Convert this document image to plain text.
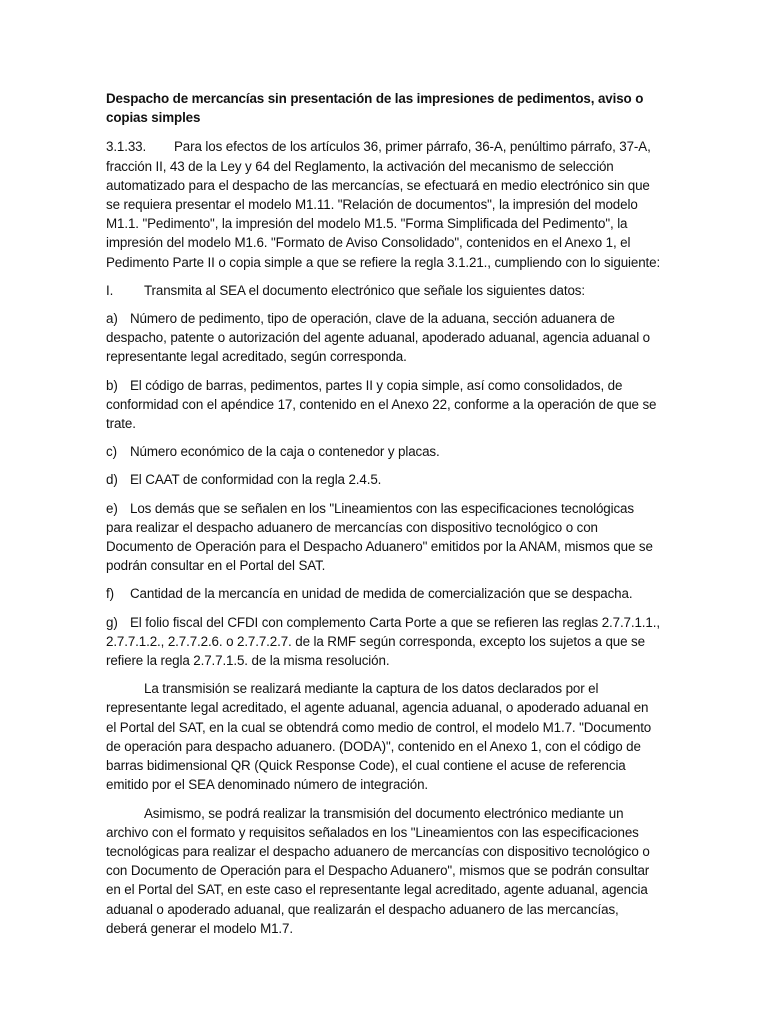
Despacho de mercancías sin presentación de las impresiones de pedimentos, aviso o copias simples

3.1.33. Para los efectos de los artículos 36, primer párrafo, 36-A, penúltimo párrafo, 37-A, fracción II, 43 de la Ley y 64 del Reglamento, la activación del mecanismo de selección automatizado para el despacho de las mercancías, se efectuará en medio electrónico sin que se requiera presentar el modelo M1.11. "Relación de documentos", la impresión del modelo M1.1. "Pedimento", la impresión del modelo M1.5. "Forma Simplificada del Pedimento", la impresión del modelo M1.6. "Formato de Aviso Consolidado", contenidos en el Anexo 1, el Pedimento Parte II o copia simple a que se refiere la regla 3.1.21., cumpliendo con lo siguiente:

I. Transmita al SEA el documento electrónico que señale los siguientes datos:

a) Número de pedimento, tipo de operación, clave de la aduana, sección aduanera de despacho, patente o autorización del agente aduanal, apoderado aduanal, agencia aduanal o representante legal acreditado, según corresponda.

b) El código de barras, pedimentos, partes II y copia simple, así como consolidados, de conformidad con el apéndice 17, contenido en el Anexo 22, conforme a la operación de que se trate.

c) Número económico de la caja o contenedor y placas.

d) El CAAT de conformidad con la regla 2.4.5.

e) Los demás que se señalen en los "Lineamientos con las especificaciones tecnológicas para realizar el despacho aduanero de mercancías con dispositivo tecnológico o con Documento de Operación para el Despacho Aduanero" emitidos por la ANAM, mismos que se podrán consultar en el Portal del SAT.

f) Cantidad de la mercancía en unidad de medida de comercialización que se despacha.

g) El folio fiscal del CFDI con complemento Carta Porte a que se refieren las reglas 2.7.7.1.1., 2.7.7.1.2., 2.7.7.2.6. o 2.7.7.2.7. de la RMF según corresponda, excepto los sujetos a que se refiere la regla 2.7.7.1.5. de la misma resolución.

La transmisión se realizará mediante la captura de los datos declarados por el representante legal acreditado, el agente aduanal, agencia aduanal, o apoderado aduanal en el Portal del SAT, en la cual se obtendrá como medio de control, el modelo M1.7. "Documento de operación para despacho aduanero. (DODA)", contenido en el Anexo 1, con el código de barras bidimensional QR (Quick Response Code), el cual contiene el acuse de referencia emitido por el SEA denominado número de integración.

Asimismo, se podrá realizar la transmisión del documento electrónico mediante un archivo con el formato y requisitos señalados en los "Lineamientos con las especificaciones tecnológicas para realizar el despacho aduanero de mercancías con dispositivo tecnológico o con Documento de Operación para el Despacho Aduanero", mismos que se podrán consultar en el Portal del SAT, en este caso el representante legal acreditado, agente aduanal, agencia aduanal o apoderado aduanal, que realizarán el despacho aduanero de las mercancías, deberá generar el modelo M1.7.
